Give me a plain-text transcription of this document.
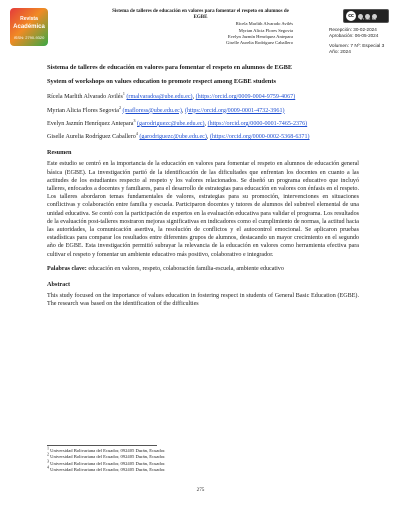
Revista
Académica
ISSN: 2790-9320
Sistema de talleres de educación en valores para fomentar el respeto en alumnos de EGBE
Rícela Marlith Alvarado Avilés
Myrian Alicia Flores Segovia
Evelyn Jazmín Henríquez Antepara
Giselle Aurelia Rodríguez Caballero
cc	BY NC SA
Recepción: 30-02-2024
Aprobación: 06-05-2024
Volumen: 7 Nº: Especial 3
Año: 2024

Sistema de talleres de educación en valores para fomentar el respeto en alumnos de EGBE

System of workshops on values education to promote respect among EGBE students

Rícela Marlith Alvarado Avilés$^1$ (rmalvaradoa@ube.edu.ec), (https://orcid.org/0009-0004-9759-4067)

Myrian Alicia Flores Segovia$^2$ (mafloress@ube.edu.ec), (https://orcid.org/0009-0001-4732-3961)

Evelyn Jazmín Henríquez Antepara$^3$ (garodriguezc@ube.edu.ec), (https://orcid.org/0000-0001-7465-2376)

Giselle Aurelia Rodríguez Caballero$^4$ (garodriguezc@ube.edu.ec), (https://orcid.org/0000-0002-5368-6371)

Resumen

Este estudio se centró en la importancia de la educación en valores para fomentar el respeto en alumnos de educación general básica (EGBE). La investigación partió de la identificación de las dificultades que enfrentan los docentes en cuanto a las actitudes de los estudiantes respecto al respeto y los valores relacionados. Se diseñó un programa educativo que incluyó talleres, enfocados a docentes y familiares, para el desarrollo de estrategias para educación en valores con énfasis en el respeto. Los talleres abordaron temas fundamentales de valores, estrategias para su promoción, intervenciones en situaciones conflictivas y colaboración entre familia y escuela. Participaron docentes y tutores de alumnos del subnivel elemental de una unidad educativa. Se contó con la participación de expertos en la evaluación educativa para validar el programa. Los resultados de la evaluación post-talleres mostraron mejoras significativas en indicadores como el cumplimiento de normas, la actitud hacia las autoridades, la comunicación asertiva, la resolución de conflictos y el autocontrol emocional. Se aplicaron pruebas estadísticas para comparar los resultados entre diferentes grupos de alumnos, destacando un mayor crecimiento en el segundo año de EGBE. Esta investigación permitió subrayar la relevancia de la educación en valores como herramienta efectiva para cultivar el respeto y fomentar un ambiente educativo más positivo, colaborativo e integrador.

Palabras clave: educación en valores, respeto, colaboración familia-escuela, ambiente educativo

Abstract

This study focused on the importance of values education in fostering respect in students of General Basic Education (EGBE). The research was based on the identification of the difficulties

$^1$ Universidad Bolivariana del Ecuador, 092405 Durán, Ecuador.
$^2$ Universidad Bolivariana del Ecuador, 092405 Durán, Ecuador.
$^3$ Universidad Bolivariana del Ecuador, 092405 Durán, Ecuador.
$^4$ Universidad Bolivariana del Ecuador, 092405 Durán, Ecuador.
275
